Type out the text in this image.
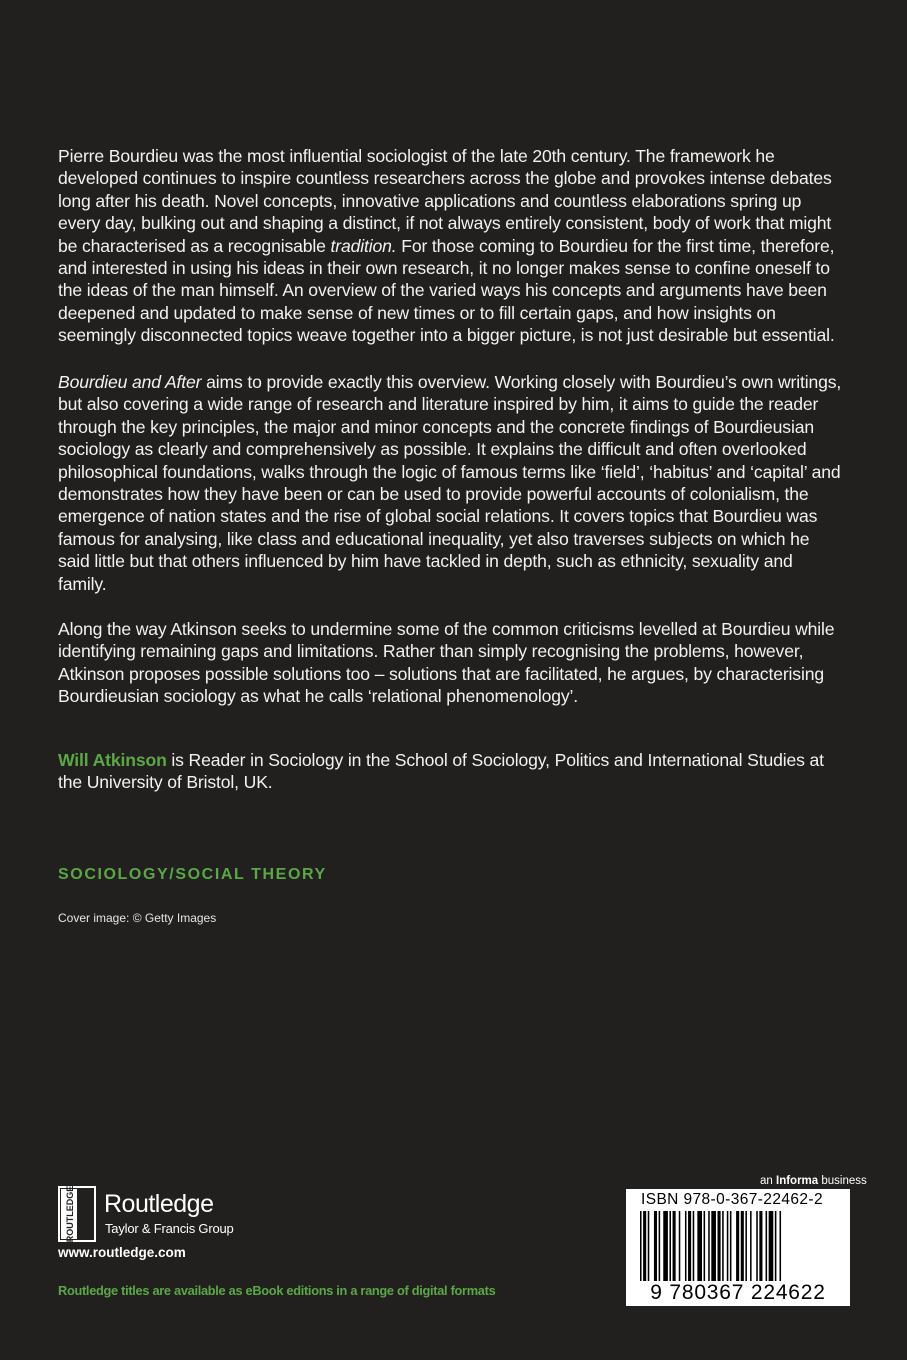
Pierre Bourdieu was the most influential sociologist of the late 20th century. The framework he developed continues to inspire countless researchers across the globe and provokes intense debates long after his death. Novel concepts, innovative applications and countless elaborations spring up every day, bulking out and shaping a distinct, if not always entirely consistent, body of work that might be characterised as a recognisable tradition. For those coming to Bourdieu for the first time, therefore, and interested in using his ideas in their own research, it no longer makes sense to confine oneself to the ideas of the man himself. An overview of the varied ways his concepts and arguments have been deepened and updated to make sense of new times or to fill certain gaps, and how insights on seemingly disconnected topics weave together into a bigger picture, is not just desirable but essential.

Bourdieu and After aims to provide exactly this overview. Working closely with Bourdieu’s own writings, but also covering a wide range of research and literature inspired by him, it aims to guide the reader through the key principles, the major and minor concepts and the concrete findings of Bourdieusian sociology as clearly and comprehensively as possible. It explains the difficult and often overlooked philosophical foundations, walks through the logic of famous terms like ‘field’, ‘habitus’ and ‘capital’ and demonstrates how they have been or can be used to provide powerful accounts of colonialism, the emergence of nation states and the rise of global social relations. It covers topics that Bourdieu was famous for analysing, like class and educational inequality, yet also traverses subjects on which he said little but that others influenced by him have tackled in depth, such as ethnicity, sexuality and family.

Along the way Atkinson seeks to undermine some of the common criticisms levelled at Bourdieu while identifying remaining gaps and limitations. Rather than simply recognising the problems, however, Atkinson proposes possible solutions too – solutions that are facilitated, he argues, by characterising Bourdieusian sociology as what he calls ‘relational phenomenology’.

Will Atkinson is Reader in Sociology in the School of Sociology, Politics and International Studies at the University of Bristol, UK.

SOCIOLOGY/SOCIAL THEORY
Cover image: © Getty Images
ROUTLEDGE Routledge
Taylor & Francis Group
www.routledge.com
Routledge titles are available as eBook editions in a range of digital formats
an Informa business
ISBN 978-0-367-22462-2
9 780367 224622
